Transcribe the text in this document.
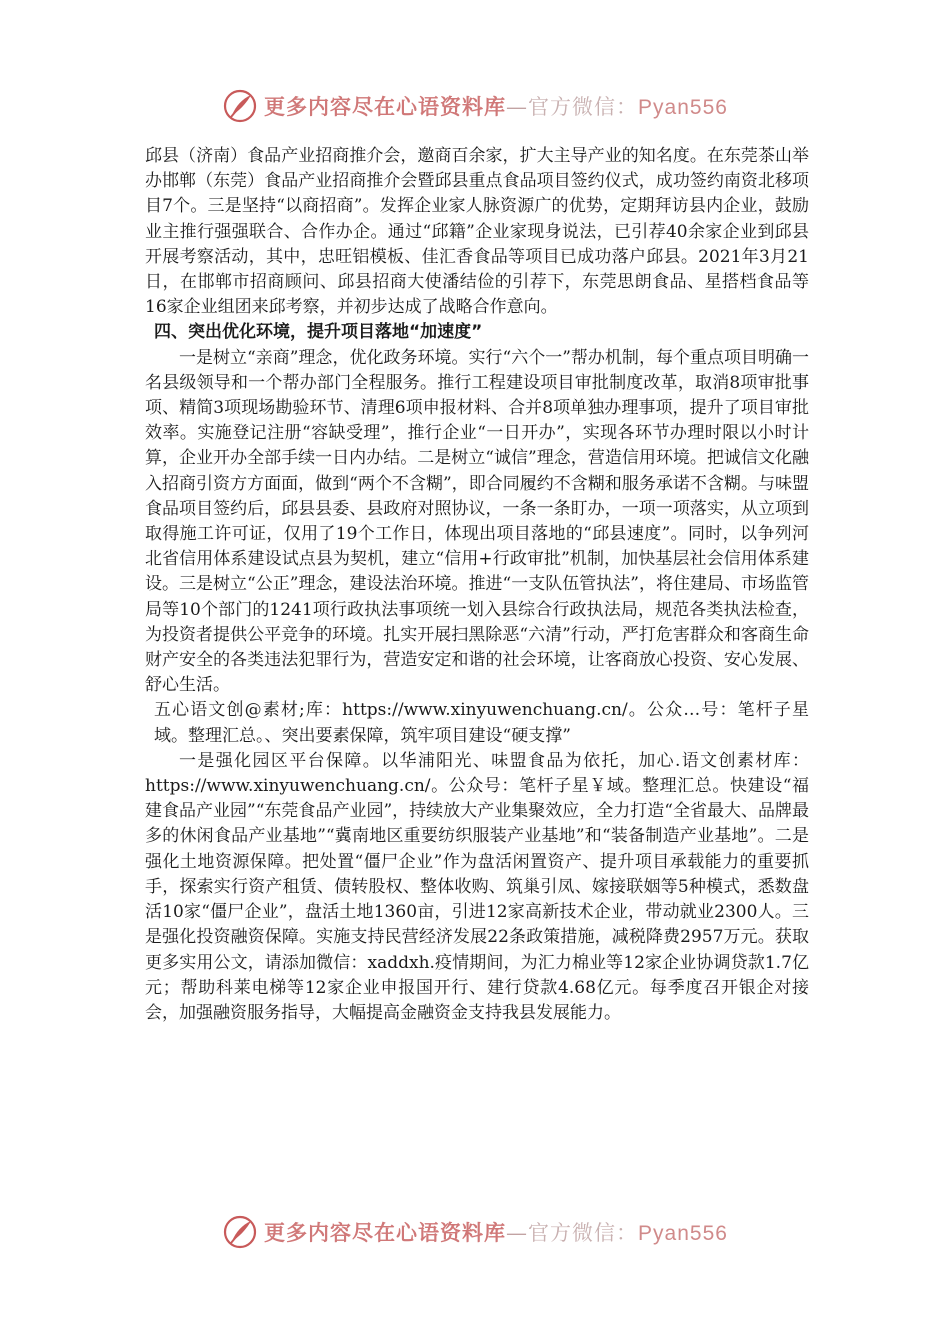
更多内容尽在心语资料库—官方微信：Pyan556

邱县（济南）食品产业招商推介会，邀商百余家，扩大主导产业的知名度。在东莞茶山举办邯郸（东莞）食品产业招商推介会暨邱县重点食品项目签约仪式，成功签约南资北移项目7个。三是坚持“以商招商”。发挥企业家人脉资源广的优势，定期拜访县内企业，鼓励业主推行强强联合、合作办企。通过“邱籍”企业家现身说法，已引荐40余家企业到邱县开展考察活动，其中，忠旺铝模板、佳汇香食品等项目已成功落户邱县。2021年3月21日，在邯郸市招商顾问、邱县招商大使潘结俭的引荐下，东莞思朗食品、星搭档食品等16家企业组团来邱考察，并初步达成了战略合作意向。

四、突出优化环境，提升项目落地“加速度”

一是树立“亲商”理念，优化政务环境。实行“六个一”帮办机制，每个重点项目明确一名县级领导和一个帮办部门全程服务。推行工程建设项目审批制度改革，取消8项审批事项、精简3项现场勘验环节、清理6项申报材料、合并8项单独办理事项，提升了项目审批效率。实施登记注册“容缺受理”，推行企业“一日开办”，实现各环节办理时限以小时计算，企业开办全部手续一日内办结。二是树立“诚信”理念，营造信用环境。把诚信文化融入招商引资方方面面，做到“两个不含糊”，即合同履约不含糊和服务承诺不含糊。与味盟食品项目签约后，邱县县委、县政府对照协议，一条一条盯办，一项一项落实，从立项到取得施工许可证，仅用了19个工作日，体现出项目落地的“邱县速度”。同时，以争列河北省信用体系建设试点县为契机，建立“信用+行政审批”机制，加快基层社会信用体系建设。三是树立“公正”理念，建设法治环境。推进“一支队伍管执法”，将住建局、市场监管局等10个部门的1241项行政执法事项统一划入县综合行政执法局，规范各类执法检查，为投资者提供公平竞争的环境。扎实开展扫黑除恶“六清”行动，严打危害群众和客商生命财产安全的各类违法犯罪行为，营造安定和谐的社会环境，让客商放心投资、安心发展、舒心生活。

五心语文创@素材;库：https://www.xinyuwenchuang.cn/。公众…号：笔杆子星域。整理汇总。、突出要素保障，筑牢项目建设“硬支撑”

一是强化园区平台保障。以华浦阳光、味盟食品为依托，加心.语文创素材库：https://www.xinyuwenchuang.cn/。公众号：笔杆子星￥域。整理汇总。快建设“福建食品产业园”“东莞食品产业园”，持续放大产业集聚效应，全力打造“全省最大、品牌最多的休闲食品产业基地”“冀南地区重要纺织服装产业基地”和“装备制造产业基地”。二是强化土地资源保障。把处置“僵尸企业”作为盘活闲置资产、提升项目承载能力的重要抓手，探索实行资产租赁、债转股权、整体收购、筑巢引凤、嫁接联姻等5种模式，悉数盘活10家“僵尸企业”，盘活土地1360亩，引进12家高新技术企业，带动就业2300人。三是强化投资融资保障。实施支持民营经济发展22条政策措施，减税降费2957万元。获取更多实用公文，请添加微信：xaddxh.疫情期间，为汇力棉业等12家企业协调贷款1.7亿元；帮助科莱电梯等12家企业申报国开行、建行贷款4.68亿元。每季度召开银企对接会，加强融资服务指导，大幅提高金融资金支持我县发展能力。

更多内容尽在心语资料库—官方微信：Pyan556
